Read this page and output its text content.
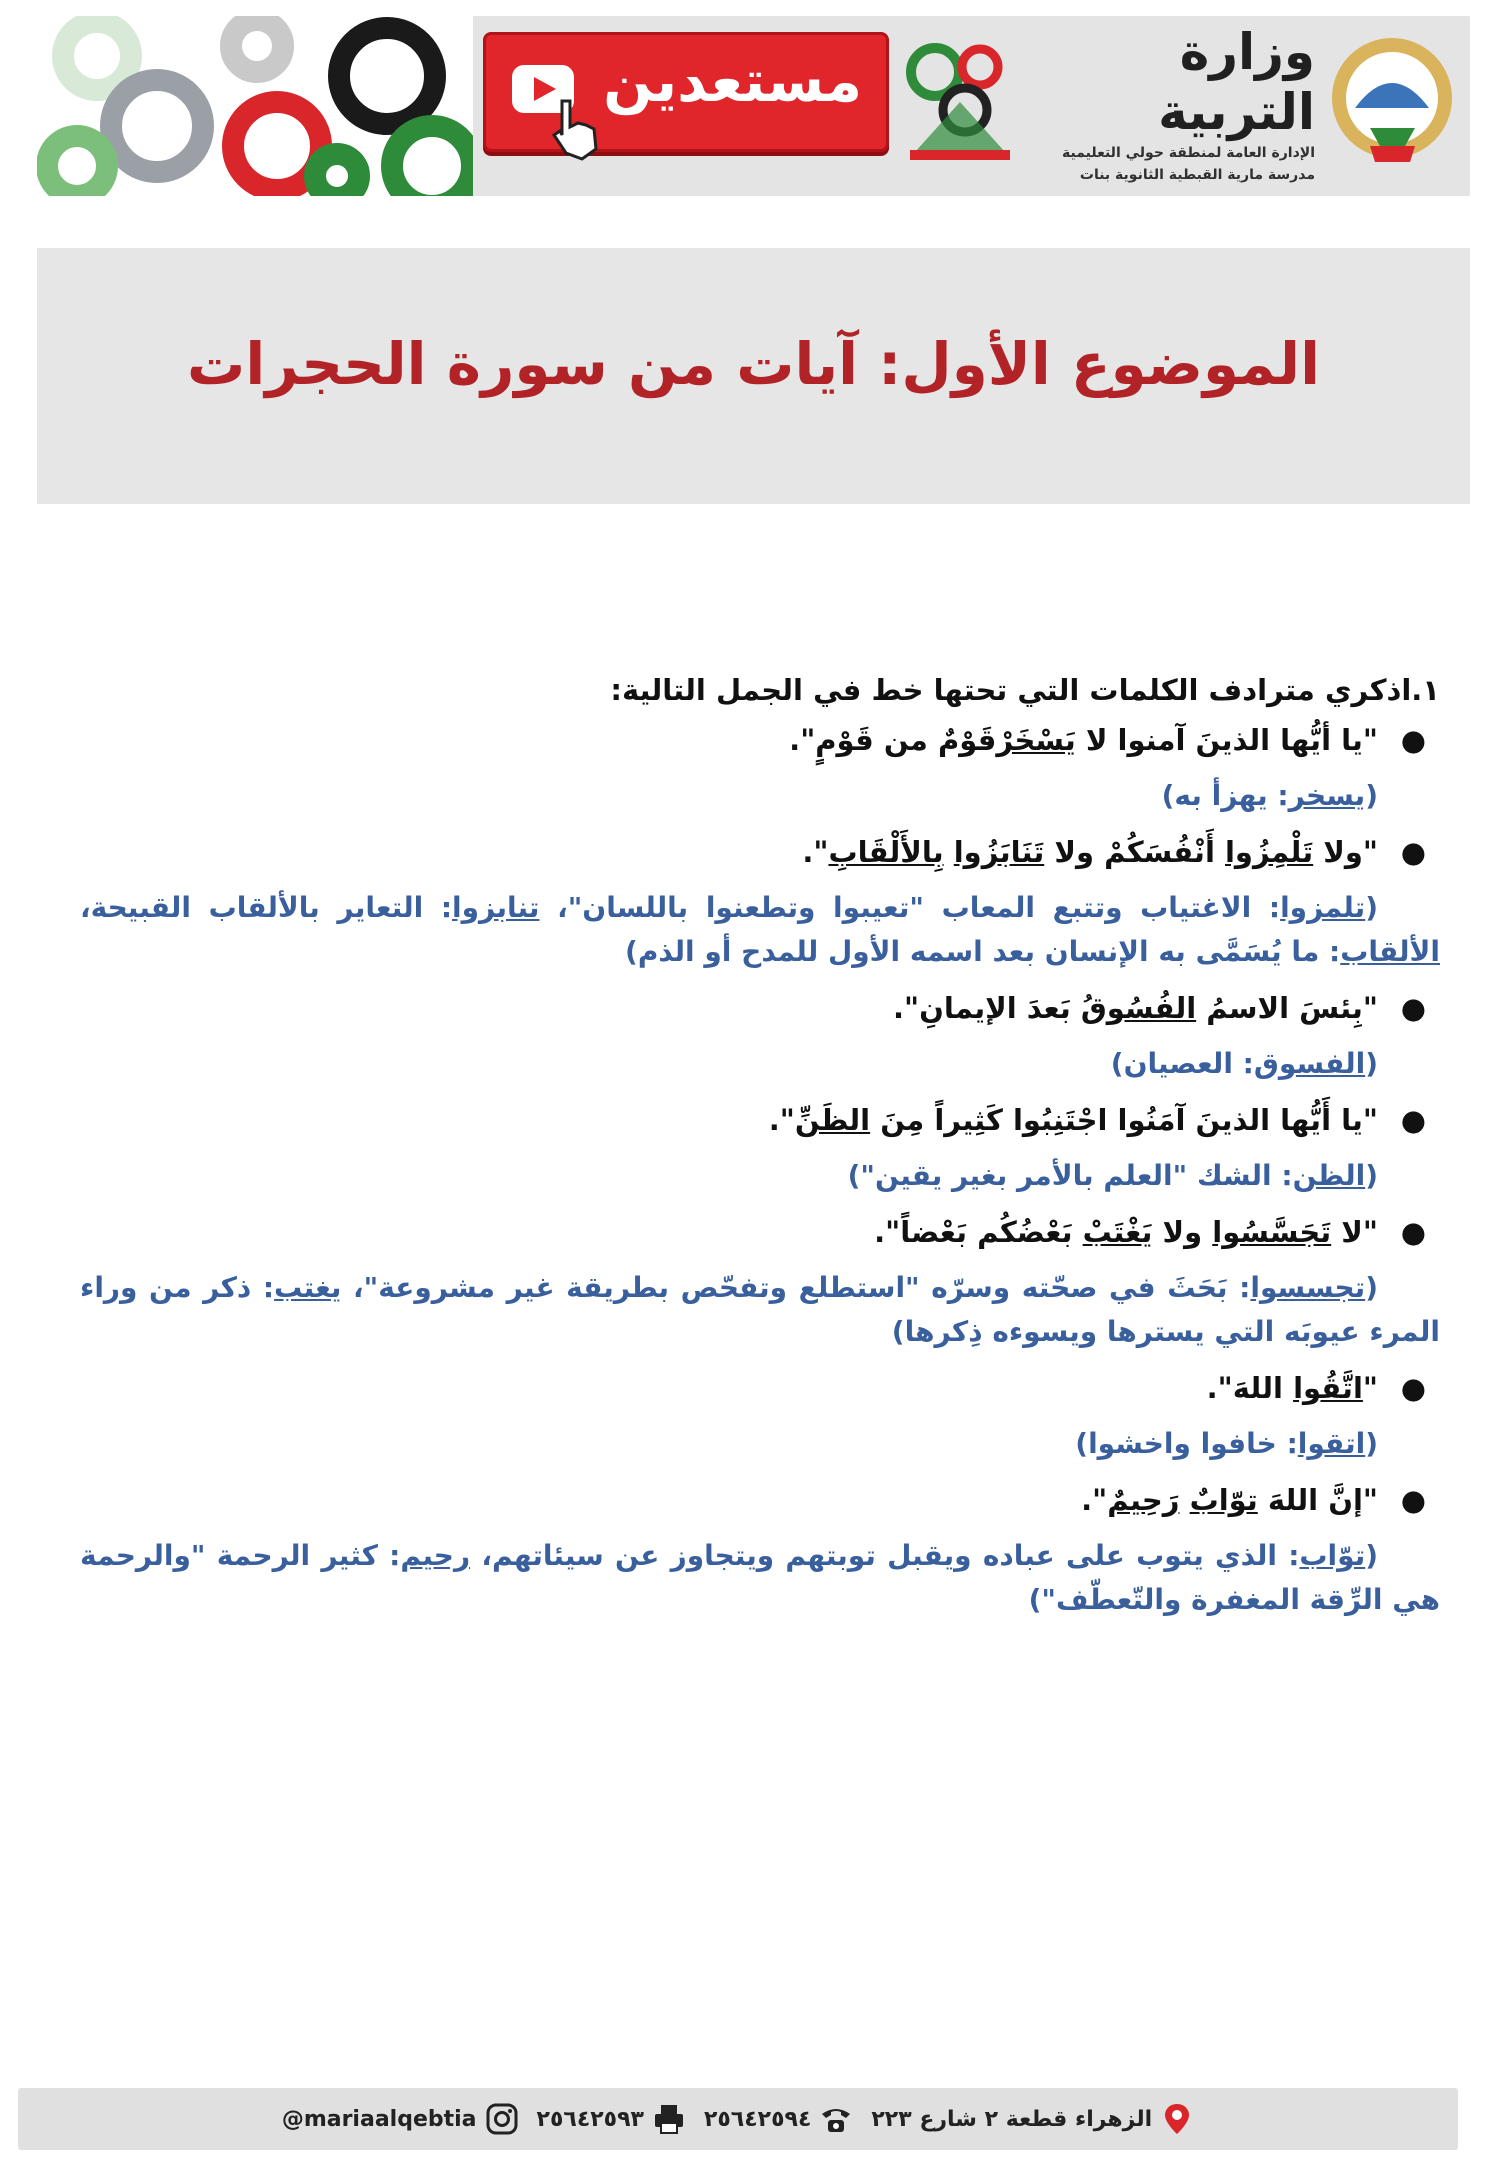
مستعدين	وزارة التربية
الإدارة العامة لمنطقة حولي التعليمية
مدرسة مارية القبطية الثانوية بنات
الموضوع الأول: آيات من سورة الحجرات

١.اذكري مترادف الكلمات التي تحتها خط في الجمل التالية:

●
"يا أيُّها الذينَ آمنوا لا يَسْخَرْقَوْمٌ من قَوْمٍ".

(يسخر: يهزأ به)

●
"ولا تَلْمِزُوا أَنْفُسَكُمْ ولا تَنَابَزُوا بِالأَلْقَابِ".

(تلمزوا: الاغتياب وتتبع المعاب "تعيبوا وتطعنوا باللسان"، تنابزوا: التعاير بالألقاب القبيحة، الألقاب: ما يُسَمَّى به الإنسان بعد اسمه الأول للمدح أو الذم)

●
"بِئسَ الاسمُ الفُسُوقُ بَعدَ الإيمانِ".

(الفسوق: العصيان)

●
"يا أَيُّها الذينَ آمَنُوا اجْتَنِبُوا كَثِيراً مِنَ الظَنِّ".

(الظن: الشك "العلم بالأمر بغير يقين")

●
"لا تَجَسَّسُوا ولا يَغْتَبْ بَعْضُكُم بَعْضاً".

(تجسسوا: بَحَثَ في صحّته وسرّه "استطلع وتفحّص بطريقة غير مشروعة"، يغتب: ذكر من وراء المرء عيوبَه التي يسترها ويسوءه ذِكرها)

●
"اتَّقُوا اللهَ".

(اتقوا: خافوا واخشوا)

●
"إنَّ اللهَ توّابٌ رَحِيمٌ".

(توّاب: الذي يتوب على عباده ويقبل توبتهم ويتجاوز عن سيئاتهم، رحيم: كثير الرحمة "والرحمة هي الرِّقة المغفرة والتّعطّف")

@mariaalqebtia	٢٥٦٤٢٥٩٣	٢٥٦٤٢٥٩٤	الزهراء قطعة ٢ شارع ٢٢٣
